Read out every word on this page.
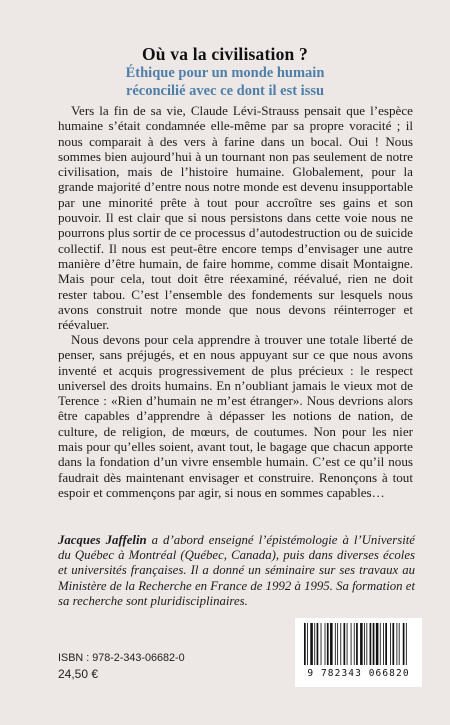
Où va la civilisation ?
Éthique pour un monde humain
réconcilié avec ce dont il est issu

Vers la fin de sa vie, Claude Lévi-Strauss pensait que l’espèce humaine s’était condamnée elle-même par sa propre voracité ; il nous comparait à des vers à farine dans un bocal. Oui ! Nous sommes bien aujourd’hui à un tournant non pas seulement de notre civilisation, mais de l’histoire humaine. Globalement, pour la grande majorité d’entre nous notre monde est devenu insupportable par une minorité prête à tout pour accroître ses gains et son pouvoir. Il est clair que si nous persistons dans cette voie nous ne pourrons plus sortir de ce processus d’autodestruction ou de suicide collectif. Il nous est peut-être encore temps d’envisager une autre manière d’être humain, de faire homme, comme disait Montaigne. Mais pour cela, tout doit être réexaminé, réévalué, rien ne doit rester tabou. C’est l’ensemble des fondements sur lesquels nous avons construit notre monde que nous devons réinterroger et réévaluer.

Nous devons pour cela apprendre à trouver une totale liberté de penser, sans préjugés, et en nous appuyant sur ce que nous avons inventé et acquis progressivement de plus précieux : le respect universel des droits humains. En n’oubliant jamais le vieux mot de Terence : «Rien d’humain ne m’est étranger». Nous devrions alors être capables d’apprendre à dépasser les notions de nation, de culture, de religion, de mœurs, de coutumes. Non pour les nier mais pour qu’elles soient, avant tout, le bagage que chacun apporte dans la fondation d’un vivre ensemble humain. C’est ce qu’il nous faudrait dès maintenant envisager et construire. Renonçons à tout espoir et commençons par agir, si nous en sommes capables…

Jacques Jaffelin a d’abord enseigné l’épistémologie à l’Université du Québec à Montréal (Québec, Canada), puis dans diverses écoles et universités françaises. Il a donné un séminaire sur ses travaux au Ministère de la Recherche en France de 1992 à 1995. Sa formation et sa recherche sont pluridisciplinaires.
9 782343 066820
ISBN : 978-2-343-06682-0
24,50 €
